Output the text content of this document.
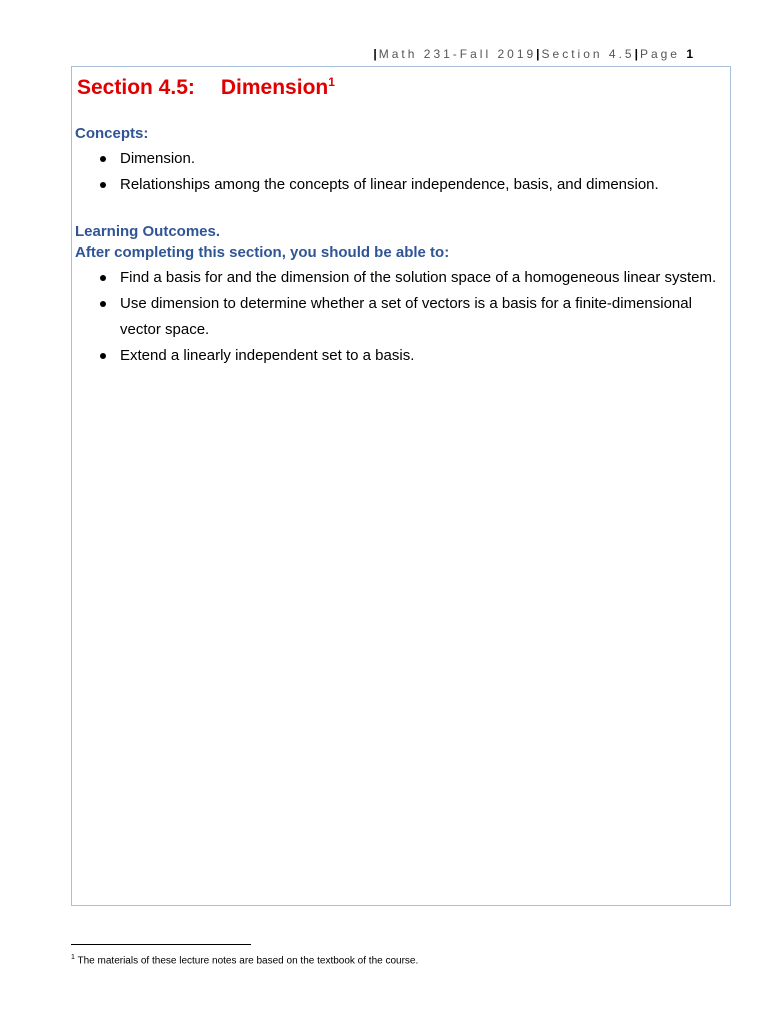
| Math 231-Fall 2019| Section 4.5| Page 1
Section 4.5: Dimension$^1$
Concepts:
Dimension.
Relationships among the concepts of linear independence, basis, and dimension.
Learning Outcomes.
After completing this section, you should be able to:
Find a basis for and the dimension of the solution space of a homogeneous linear system.
Use dimension to determine whether a set of vectors is a basis for a finite-dimensional vector space.
Extend a linearly independent set to a basis.
$^1$ The materials of these lecture notes are based on the textbook of the course.
